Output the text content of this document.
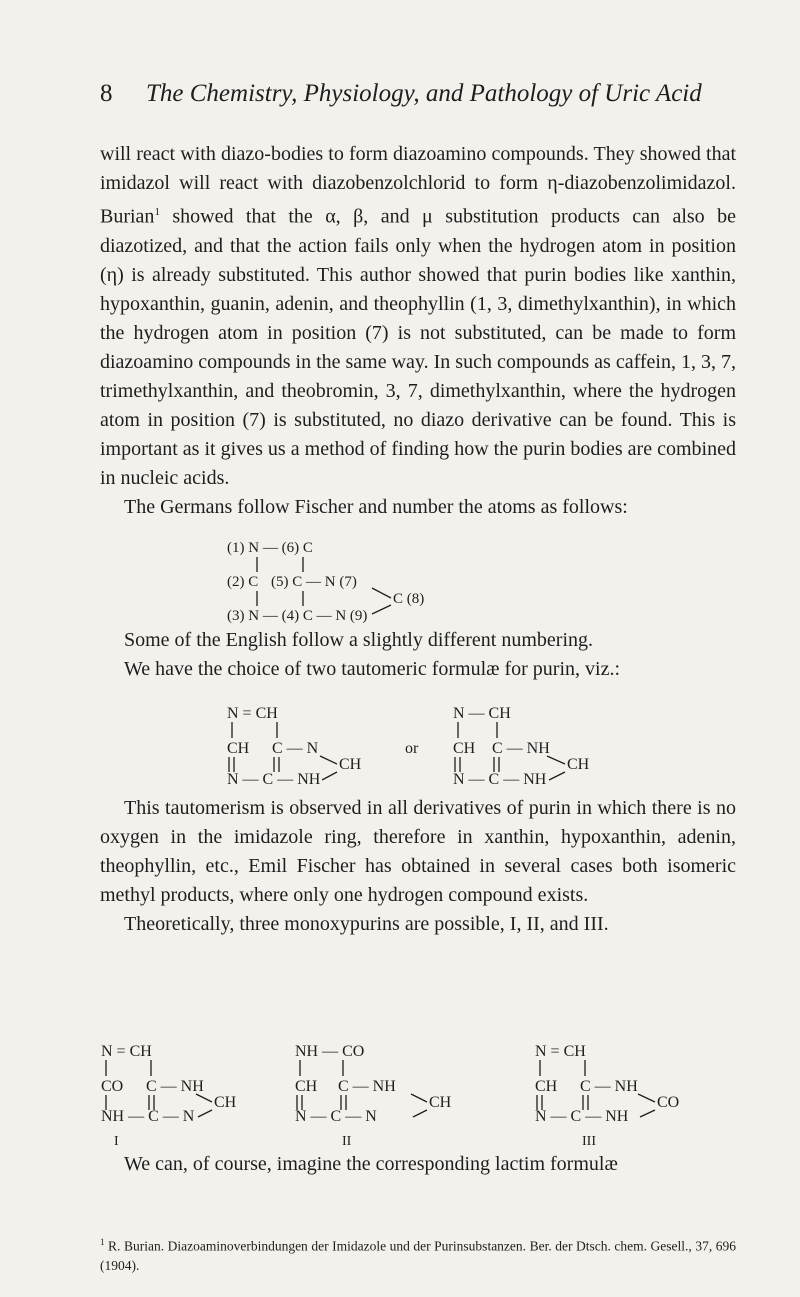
8 The Chemistry, Physiology, and Pathology of Uric Acid

will react with diazo-bodies to form diazoamino compounds. They showed that imidazol will react with diazobenzolchlorid to form η-diazobenzolimidazol. Burian$^1$ showed that the α, β, and μ substitution products can also be diazotized, and that the action fails only when the hydrogen atom in position (η) is already substituted. This author showed that purin bodies like xanthin, hypoxanthin, guanin, adenin, and theophyllin (1, 3, dimethylxanthin), in which the hydrogen atom in position (7) is not substituted, can be made to form diazoamino compounds in the same way. In such compounds as caffein, 1, 3, 7, trimethylxanthin, and theobromin, 3, 7, dimethylxanthin, where the hydrogen atom in position (7) is substituted, no diazo derivative can be found. This is important as it gives us a method of finding how the purin bodies are combined in nucleic acids.

The Germans follow Fischer and number the atoms as follows:

(1) N — (6) C
(2) C (5) C — N (7)
(3) N — (4) C — N (9)
C (8)

Some of the English follow a slightly different numbering.

We have the choice of two tautomeric formulæ for purin, viz.:

N = CH
CH C — N
N — C — NH
CH
or
N — CH
CH C — NH
N — C — NH
CH

This tautomerism is observed in all derivatives of purin in which there is no oxygen in the imidazole ring, therefore in xanthin, hypoxanthin, adenin, theophyllin, etc., Emil Fischer has obtained in several cases both isomeric methyl products, where only one hydrogen compound exists.

Theoretically, three monoxypurins are possible, I, II, and III.

N = CH
CO C — NH
NH — C — N
CH
I
NH — CO
CH C — NH
N — C — N
CH
II
N = CH
CH C — NH
N — C — NH
CO
III

We can, of course, imagine the corresponding lactim formulæ

$^1$ R. Burian. Diazoaminoverbindungen der Imidazole und der Purinsubstanzen. Ber. der Dtsch. chem. Gesell., 37, 696 (1904).
